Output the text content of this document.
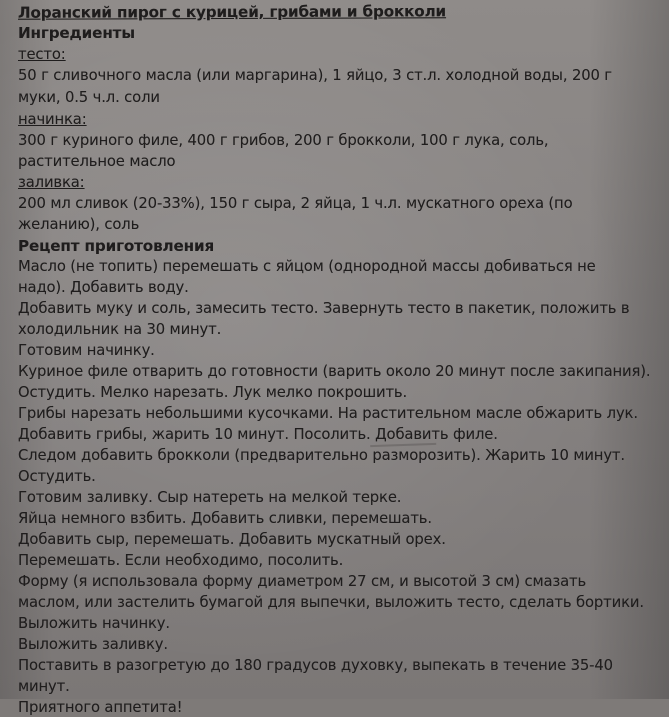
Лоранский пирог с курицей, грибами и брокколи
Ингредиенты
тесто:
50 г сливочного масла (или маргарина), 1 яйцо, 3 ст.л. холодной воды, 200 г
муки, 0.5 ч.л. соли
начинка:
300 г куриного филе, 400 г грибов, 200 г брокколи, 100 г лука, соль,
растительное масло
заливка:
200 мл сливок (20-33%), 150 г сыра, 2 яйца, 1 ч.л. мускатного ореха (по
желанию), соль
Рецепт приготовления
Масло (не топить) перемешать с яйцом (однородной массы добиваться не
надо). Добавить воду.
Добавить муку и соль, замесить тесто. Завернуть тесто в пакетик, положить в
холодильник на 30 минут.
Готовим начинку.
Куриное филе отварить до готовности (варить около 20 минут после закипания).
Остудить. Мелко нарезать. Лук мелко покрошить.
Грибы нарезать небольшими кусочками. На растительном масле обжарить лук.
Добавить грибы, жарить 10 минут. Посолить. Добавить филе.
Следом добавить брокколи (предварительно разморозить). Жарить 10 минут.
Остудить.
Готовим заливку. Сыр натереть на мелкой терке.
Яйца немного взбить. Добавить сливки, перемешать.
Добавить сыр, перемешать. Добавить мускатный орех.
Перемешать. Если необходимо, посолить.
Форму (я использовала форму диаметром 27 см, и высотой 3 см) смазать
маслом, или застелить бумагой для выпечки, выложить тесто, сделать бортики.
Выложить начинку.
Выложить заливку.
Поставить в разогретую до 180 градусов духовку, выпекать в течение 35-40
минут.
Приятного аппетита!
